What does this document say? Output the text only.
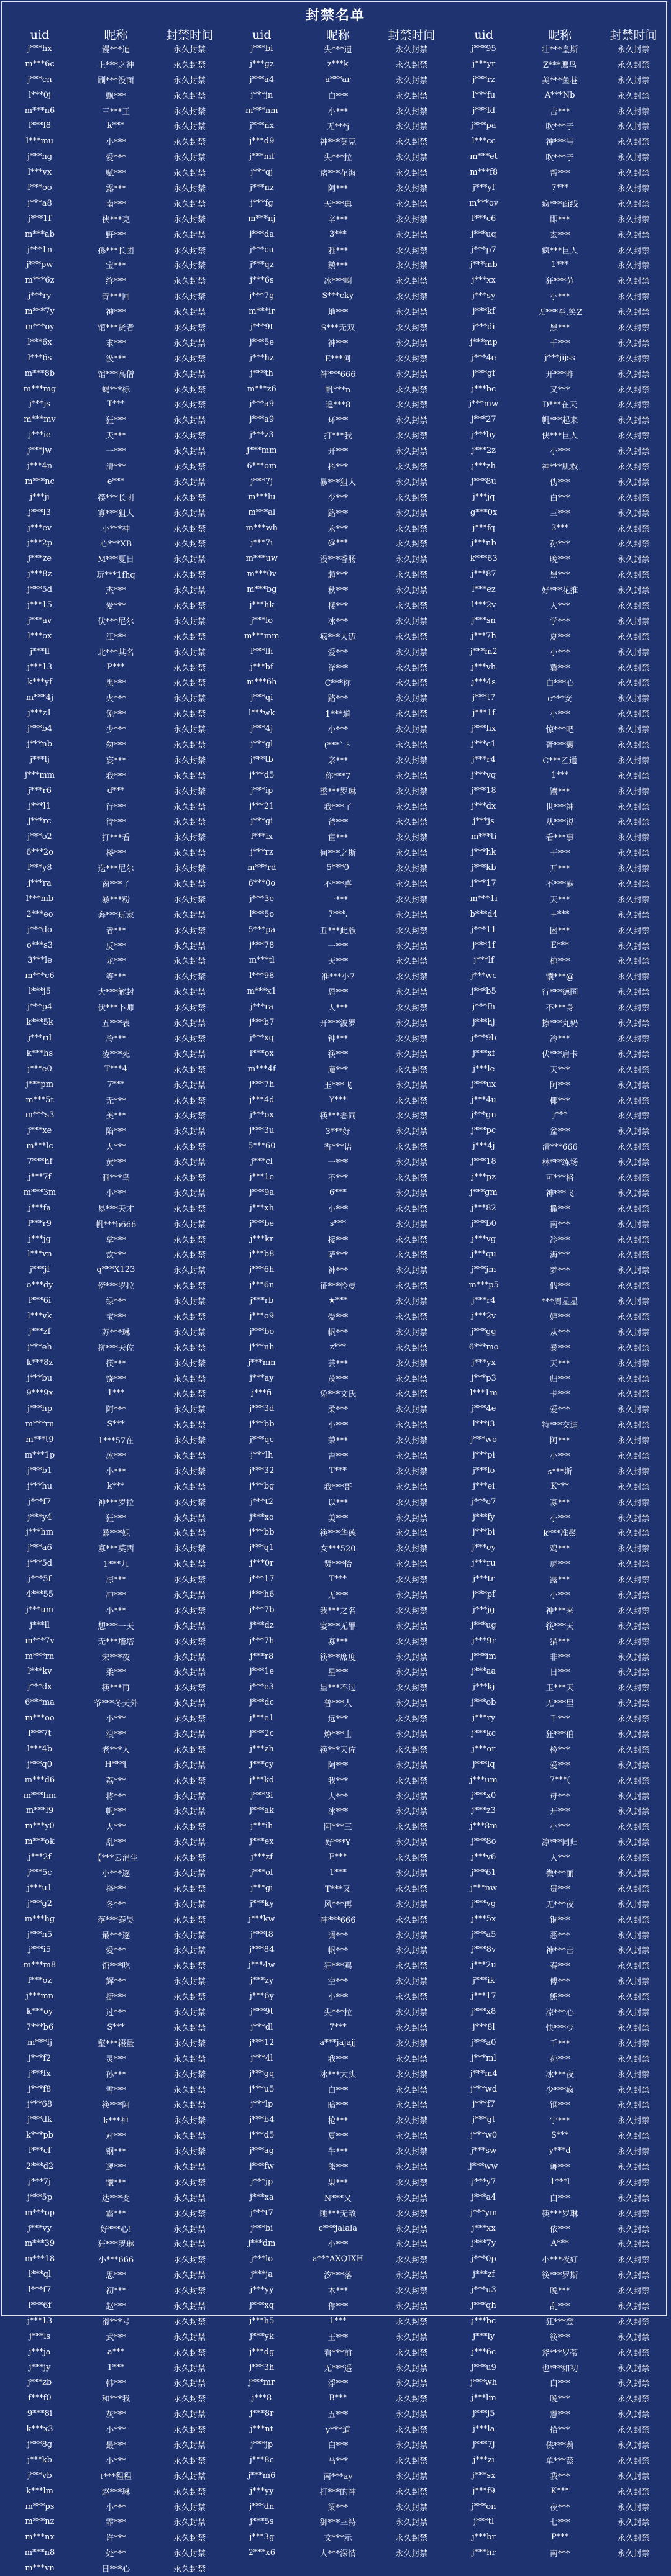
封禁名单
uid	昵称	封禁时间
j***hx	馒***迪	永久封禁
m***6c	上***之神	永久封禁
j***cn	刷***没面	永久封禁
l***0j	飘***	永久封禁
m***n6	三***王	永久封禁
l***l8	k***	永久封禁
l***mu	小***	永久封禁
j***ng	爱***	永久封禁
l***vx	赋***	永久封禁
l***oo	露***	永久封禁
j***a8	南***	永久封禁
j***1f	侠***克	永久封禁
m***ab	野***	永久封禁
j***1n	孫***长团	永久封禁
j***pw	宝***	永久封禁
m***6z	终***	永久封禁
j***ry	青***回	永久封禁
m***7y	神***	永久封禁
m***oy	馆***贤者	永久封禁
l***6x	求***	永久封禁
l***6s	汲***	永久封禁
m***8b	馆***高僧	永久封禁
m***mg	蝎***标	永久封禁
j***js	T***	永久封禁
m***mv	狂***	永久封禁
j***ie	天***	永久封禁
j***jw	一***	永久封禁
j***4n	清***	永久封禁
m***nc	e***	永久封禁
j***ji	筷***长团	永久封禁
j***l3	寡***狙人	永久封禁
j***ev	小***神	永久封禁
j***2p	心***XB	永久封禁
j***ze	M***夏日	永久封禁
j***8z	玩***1fhq	永久封禁
j***5d	杰***	永久封禁
j***15	爱***	永久封禁
j***av	伏***尼尔	永久封禁
l***ox	江***	永久封禁
j***ll	北***其名	永久封禁
j***13	P***	永久封禁
k***yf	黑***	永久封禁
m***4j	火***	永久封禁
j***z1	兔***	永久封禁
j***b4	少***	永久封禁
j***nb	匆***	永久封禁
j***lj	妄***	永久封禁
j***mm	我***	永久封禁
j***r6	d***	永久封禁
j***l1	行***	永久封禁
j***rc	待***	永久封禁
j***o2	打***看	永久封禁
6***2o	楼***	永久封禁
l***y8	迭***尼尔	永久封禁
j***ra	窗***了	永久封禁
l***mb	暴***粉	永久封禁
2***eo	奔***玩家	永久封禁
j***do	者***	永久封禁
o***s3	反***	永久封禁
3***le	龙***	永久封禁
m***c6	等***	永久封禁
l***j5	大***解封	永久封禁
j***p4	伏***卜师	永久封禁
k***5k	五***表	永久封禁
j***rd	冷***	永久封禁
k***hs	凌***死	永久封禁
j***e0	T***4	永久封禁
j***pm	7***	永久封禁
m***5t	无***	永久封禁
m***s3	美***	永久封禁
j***xe	陷***	永久封禁
m***lc	大***	永久封禁
7***hf	黄***	永久封禁
j***7f	洞***鸟	永久封禁
m***3m	小***	永久封禁
j***fa	易***天才	永久封禁
l***r9	帆***b666	永久封禁
j***jg	拿***	永久封禁
l***vn	饮***	永久封禁
j***jf	q***X123	永久封禁
o***dy	傍***罗拉	永久封禁
l***6i	绿***	永久封禁
l***vk	宝***	永久封禁
j***zf	苏***琳	永久封禁
j***eh	拼***天佐	永久封禁
k***8z	筷***	永久封禁
j***bu	饶***	永久封禁
9***9x	1***	永久封禁
j***hp	阿***	永久封禁
m***rn	S***	永久封禁
m***t9	1***57在	永久封禁
m***1p	冰***	永久封禁
j***b1	小***	永久封禁
j***hu	k***	永久封禁
j***f7	神***罗拉	永久封禁
j***y4	狂***	永久封禁
j***hm	暴***妮	永久封禁
j***a6	寡***莫西	永久封禁
j***5d	1***九	永久封禁
j***5f	凉***	永久封禁
4***55	冲***	永久封禁
j***um	小***	永久封禁
j***ll	想***一天	永久封禁
m***7v	无***墙塔	永久封禁
m***rn	宋***夜	永久封禁
l***kv	柔***	永久封禁
j***dx	筷***再	永久封禁
6***ma	爷***冬天外	永久封禁
m***oo	小***	永久封禁
l***7t	浪***	永久封禁
l***4b	老***人	永久封禁
j***q0	H***[	永久封禁
m***d6	荔***	永久封禁
m***hm	将***	永久封禁
m***l9	帆***	永久封禁
m***y0	大***	永久封禁
m***ok	乱***	永久封禁
j***2f	【***云消生	永久封禁
j***5c	小***逐	永久封禁
j***u1	择***	永久封禁
j***g2	冬***	永久封禁
m***hg	落***泰昊	永久封禁
j***n5	最***逐	永久封禁
j***i5	爱***	永久封禁
m***m8	馆***吃	永久封禁
l***oz	辉***	永久封禁
j***mn	捷***	永久封禁
k***oy	过***	永久封禁
7***b6	S***	永久封禁
m***lj	壑***辍量	永久封禁
j***f2	灵***	永久封禁
j***fx	孙***	永久封禁
j***f8	雪***	永久封禁
j***68	筷***阿	永久封禁
j***dk	k***神	永久封禁
k***pb	对***	永久封禁
l***cf	钢***	永久封禁
2***d2	逻***	永久封禁
j***7j	馕***	永久封禁
j***5p	达***变	永久封禁
m***op	霸***	永久封禁
j***vy	好***心!	永久封禁
m***39	狂***罗琳	永久封禁
m***18	小***666	永久封禁
l***ql	思***	永久封禁
l***f7	初***	永久封禁
l***6f	赵***	永久封禁
j***13	滑***号	永久封禁
j***ls	武***	永久封禁
j***ja	a***	永久封禁
j***jy	1***	永久封禁
j***zb	韩***	永久封禁
f***f0	和***我	永久封禁
9***8i	灰***	永久封禁
k***x3	小***	永久封禁
j***8g	最***	永久封禁
j***kb	小***	永久封禁
j***vb	t***程程	永久封禁
k***lm	赵***琳	永久封禁
m***ps	小***	永久封禁
m***nz	霏***	永久封禁
m***nx	许***	永久封禁
m***n8	处***	永久封禁
m***vn	日***心	永久封禁
uid	昵称	封禁时间
j***bi	失***遗	永久封禁
j***gz	z***k	永久封禁
j***a4	a***ar	永久封禁
j***jn	白***	永久封禁
m***nm	小***	永久封禁
j***nx	无***j	永久封禁
j***d9	神***莫克	永久封禁
j***mf	失***拉	永久封禁
j***qj	诸***花海	永久封禁
j***nz	阿***	永久封禁
j***fg	天***典	永久封禁
m***nj	辛***	永久封禁
j***da	3***	永久封禁
j***cu	雅***	永久封禁
j***qz	鹅***	永久封禁
j***6s	冰***啊	永久封禁
j***7g	S***cky	永久封禁
m***ir	地***	永久封禁
j***9t	S***无双	永久封禁
j***5e	神***	永久封禁
j***hz	E***阿	永久封禁
j***th	神***666	永久封禁
m***z6	帆***n	永久封禁
j***a9	追***8	永久封禁
j***a9	环***	永久封禁
j***z3	打***我	永久封禁
j***mm	开***	永久封禁
6***om	抖***	永久封禁
j***7j	暴***狙人	永久封禁
m***lu	少***	永久封禁
m***al	路***	永久封禁
m***wh	永***	永久封禁
j***7i	@***	永久封禁
m***uw	没***香肠	永久封禁
m***0v	超***	永久封禁
m***bg	秋***	永久封禁
j***hk	楼***	永久封禁
j***lo	冰***	永久封禁
m***mm	疯***大迈	永久封禁
l***lh	爱***	永久封禁
j***bf	泽***	永久封禁
m***6h	C***你	永久封禁
j***qi	路***	永久封禁
l***wk	1***道	永久封禁
j***4j	小***	永久封禁
j***gl	(***`ト	永久封禁
j***tb	亲***	永久封禁
j***d5	你***7	永久封禁
j***ip	整***罗琳	永久封禁
j***21	我***了	永久封禁
j***gi	爸***	永久封禁
l***ix	宦***	永久封禁
j***rz	何***之斯	永久封禁
m***rd	5***0	永久封禁
6***0o	不***喜	永久封禁
j***3e	一***	永久封禁
l***5o	7***.	永久封禁
5***pa	丑***此版	永久封禁
j***78	一***	永久封禁
m***tl	天***	永久封禁
l***98	准***小7	永久封禁
m***x1	恩***	永久封禁
j***ra	人***	永久封禁
j***b7	开***波罗	永久封禁
j***xq	钟***	永久封禁
l***ox	筷***	永久封禁
m***4f	魔***	永久封禁
j***7h	玉***飞	永久封禁
j***4d	Y***	永久封禁
j***ox	筷***恶同	永久封禁
j***3u	3***好	永久封禁
5***60	香***语	永久封禁
j***cl	一***	永久封禁
j***1e	不***	永久封禁
j***9a	6***	永久封禁
j***xh	小***	永久封禁
j***be	s***	永久封禁
j***kr	接***	永久封禁
j***b8	萨***	永久封禁
j***6h	神***	永久封禁
j***6n	征***怜曼	永久封禁
j***rb	★***	永久封禁
j***o9	爱***	永久封禁
j***bo	帆***	永久封禁
j***nh	z***	永久封禁
j***nm	芸***	永久封禁
j***ay	茂***	永久封禁
j***fi	兔***文氏	永久封禁
j***3d	柔***	永久封禁
j***bb	小***	永久封禁
j***qc	荣***	永久封禁
j***lh	吉***	永久封禁
j***32	T***	永久封禁
j***bg	我***哥	永久封禁
j***t2	以***	永久封禁
j***xo	美***	永久封禁
j***bb	筷***华德	永久封禁
j***q1	女***520	永久封禁
j***0r	贤***恰	永久封禁
j***17	T***	永久封禁
j***h6	无***	永久封禁
j***7b	我***之名	永久封禁
j***dz	宴***无罪	永久封禁
j***7h	寡***	永久封禁
j***r8	筷***席度	永久封禁
j***1e	星***	永久封禁
j***e3	星***不过	永久封禁
j***dc	普***人	永久封禁
j***e1	远***	永久封禁
j***2c	燎***士	永久封禁
j***zh	筷***天佐	永久封禁
j***cy	阿***	永久封禁
j***kd	我***	永久封禁
j***3i	人***	永久封禁
j***ak	冰***	永久封禁
j***ih	阿***三	永久封禁
j***ex	好***Y	永久封禁
j***zf	E***	永久封禁
j***ol	1***	永久封禁
j***gi	T***又	永久封禁
j***ky	风***再	永久封禁
j***kw	神***666	永久封禁
j***t8	凋***	永久封禁
j***84	帆***	永久封禁
j***4w	狂***鸡	永久封禁
j***zy	空***	永久封禁
j***6y	小***	永久封禁
j***9t	失***拉	永久封禁
j***dl	7***	永久封禁
j***12	a***jajajj	永久封禁
j***4l	我***	永久封禁
j***gq	冰***大头	永久封禁
j***u5	白***	永久封禁
j***lp	暗***	永久封禁
j***b4	枪***	永久封禁
j***d5	夏***	永久封禁
j***ag	牛***	永久封禁
j***fw	熊***	永久封禁
j***jp	果***	永久封禁
j***xa	N***又	永久封禁
j***t7	睡***无敌	永久封禁
j***bi	c***jalala	永久封禁
j***dm	小***	永久封禁
j***lo	a***AXQIXH	永久封禁
j***ja	汐***落	永久封禁
j***yy	木***	永久封禁
j***xq	你***	永久封禁
j***h5	1***	永久封禁
j***yk	玉***	永久封禁
j***dg	看***前	永久封禁
j***3h	无***遥	永久封禁
j***mr	浮***	永久封禁
j***8	B***	永久封禁
j***8r	五***	永久封禁
j***nt	y***道	永久封禁
j***jp	白***	永久封禁
j***8c	马***	永久封禁
j***m6	南***ay	永久封禁
j***yy	打***的神	永久封禁
j***dn	梁***	永久封禁
j***5s	御***三特	永久封禁
j***3g	文***示	永久封禁
2***x6	人***深情	永久封禁
uid	昵称	封禁时间
j***95	壮***皇斯	永久封禁
j***yr	Z***鹰鸟	永久封禁
j***rz	美***鱼巷	永久封禁
l***fu	A***Nb	永久封禁
j***fd	吉***	永久封禁
j***pa	吹***子	永久封禁
l***cc	神***号	永久封禁
m***et	吹***子	永久封禁
m***f8	帮***	永久封禁
j***yf	7***	永久封禁
m***ov	疯***面线	永久封禁
l***c6	即***	永久封禁
j***uq	玄***	永久封禁
j***p7	疯***巨人	永久封禁
j***mb	1***	永久封禁
j***xx	狂***劳	永久封禁
j***sy	小***	永久封禁
j***kf	无***至.笑Z	永久封禁
j***di	黑***	永久封禁
j***mp	千***	永久封禁
j***4e	j***jijss	永久封禁
j***gf	开***昨	永久封禁
j***bc	又***	永久封禁
j***mw	D***在天	永久封禁
j***27	帆***起来	永久封禁
j***by	侠***巨人	永久封禁
j***2z	小***	永久封禁
j***zh	神***肌救	永久封禁
j***8u	伪***	永久封禁
j***jq	白***	永久封禁
g***0x	三***	永久封禁
j***fq	3***	永久封禁
j***nb	孙***	永久封禁
k***63	晚***	永久封禁
j***87	黑***	永久封禁
l***ez	好***花推	永久封禁
l***2v	人***	永久封禁
j***sn	学***	永久封禁
j***7h	夏***	永久封禁
j***m2	小***	永久封禁
j***vh	冀***	永久封禁
j***4s	白***心	永久封禁
j***t7	c***安	永久封禁
j***1f	小***	永久封禁
j***hx	惊***吧	永久封禁
j***c1	胥***囊	永久封禁
j***r4	C***乙通	永久封禁
j***vq	1***	永久封禁
j***18	馕***	永久封禁
j***dx	世***神	永久封禁
j***js	从***说	永久封禁
m***ti	看***事	永久封禁
j***hk	干***	永久封禁
j***kb	开***	永久封禁
j***17	不***麻	永久封禁
m***1i	天***	永久封禁
b***d4	+***	永久封禁
j***11	困***	永久封禁
j***1f	E***	永久封禁
j***lf	椋***	永久封禁
j***wc	馕***@	永久封禁
j***b5	行***德国	永久封禁
j***fh	不***身	永久封禁
j***hj	擦***丸奶	永久封禁
j***9b	冷***	永久封禁
j***xf	伏***肩卡	永久封禁
j***le	天***	永久封禁
j***ux	阿***	永久封禁
j***4u	椰***	永久封禁
j***gn	j***	永久封禁
j***pc	盆***	永久封禁
j***4j	清***666	永久封禁
j***18	林***练场	永久封禁
j***pz	可***格	永久封禁
j***gm	神***飞	永久封禁
j***82	撒***	永久封禁
j***b0	南***	永久封禁
j***vg	冷***	永久封禁
j***qu	海***	永久封禁
j***jm	梦***	永久封禁
m***p5	假***	永久封禁
j***r4	***周星星	永久封禁
j***2v	婷***	永久封禁
j***gg	从***	永久封禁
6***mo	暴***	永久封禁
j***yx	天***	永久封禁
j***p3	归***	永久封禁
l***1m	卡***	永久封禁
j***4e	爱***	永久封禁
l***i3	特***交迪	永久封禁
j***wo	阿***	永久封禁
j***pi	小***	永久封禁
j***lo	s***斯	永久封禁
j***ei	K***	永久封禁
j***e7	寡***	永久封禁
j***fy	小***	永久封禁
j***bi	k***准鬃	永久封禁
j***ey	鸡***	永久封禁
j***ru	虎***	永久封禁
j***tr	露***	永久封禁
j***pf	小***	永久封禁
j***jg	神***来	永久封禁
j***ug	筷***天	永久封禁
j***9r	猫***	永久封禁
j***im	非***	永久封禁
j***aa	日***	永久封禁
j***kj	玉***天	永久封禁
j***ob	无***里	永久封禁
j***ry	千***	永久封禁
j***kc	狂***伯	永久封禁
j***or	检***	永久封禁
j***lq	爱***	永久封禁
j***um	7***(	永久封禁
j***x0	母***	永久封禁
j***z3	开***	永久封禁
j***8m	小***	永久封禁
j***8o	凉***同归	永久封禁
j***v6	人***	永久封禁
j***61	微***丽	永久封禁
j***nw	贵***	永久封禁
j***vg	无***夜	永久封禁
j***5x	铜***	永久封禁
j***a5	恶***	永久封禁
j***8v	神***吉	永久封禁
j***2u	春***	永久封禁
j***ik	傅***	永久封禁
j***17	熊***	永久封禁
j***x8	凉***心	永久封禁
j***8l	快***少	永久封禁
j***a0	千***	永久封禁
j***ml	孙***	永久封禁
j***m4	冰***夜	永久封禁
j***wd	少***疯	永久封禁
j***f7	钢***	永久封禁
j***gt	宁***	永久封禁
j***w0	S***	永久封禁
j***sw	y***d	永久封禁
j***ww	舞***	永久封禁
j***y7	1***l	永久封禁
j***a4	白***	永久封禁
j***ym	筷***罗琳	永久封禁
j***xx	依***	永久封禁
j***7y	A***	永久封禁
j***0p	小***夜好	永久封禁
j***zf	筷***罗斯	永久封禁
j***u3	晚***	永久封禁
j***qh	乱***	永久封禁
j***bc	狂***登	永久封禁
j***ly	筷***	永久封禁
j***6c	斧***罗蒂	永久封禁
j***u9	也***如初	永久封禁
j***wh	白***	永久封禁
j***lm	晚***	永久封禁
j***j5	慧***	永久封禁
j***la	拾***	永久封禁
j***7j	侠***莉	永久封禁
j***zi	单***蒸	永久封禁
j***sx	我***	永久封禁
j***f9	K***	永久封禁
j***on	夜***	永久封禁
j***tl	七***	永久封禁
j***br	P***	永久封禁
j***hr	南***	永久封禁
